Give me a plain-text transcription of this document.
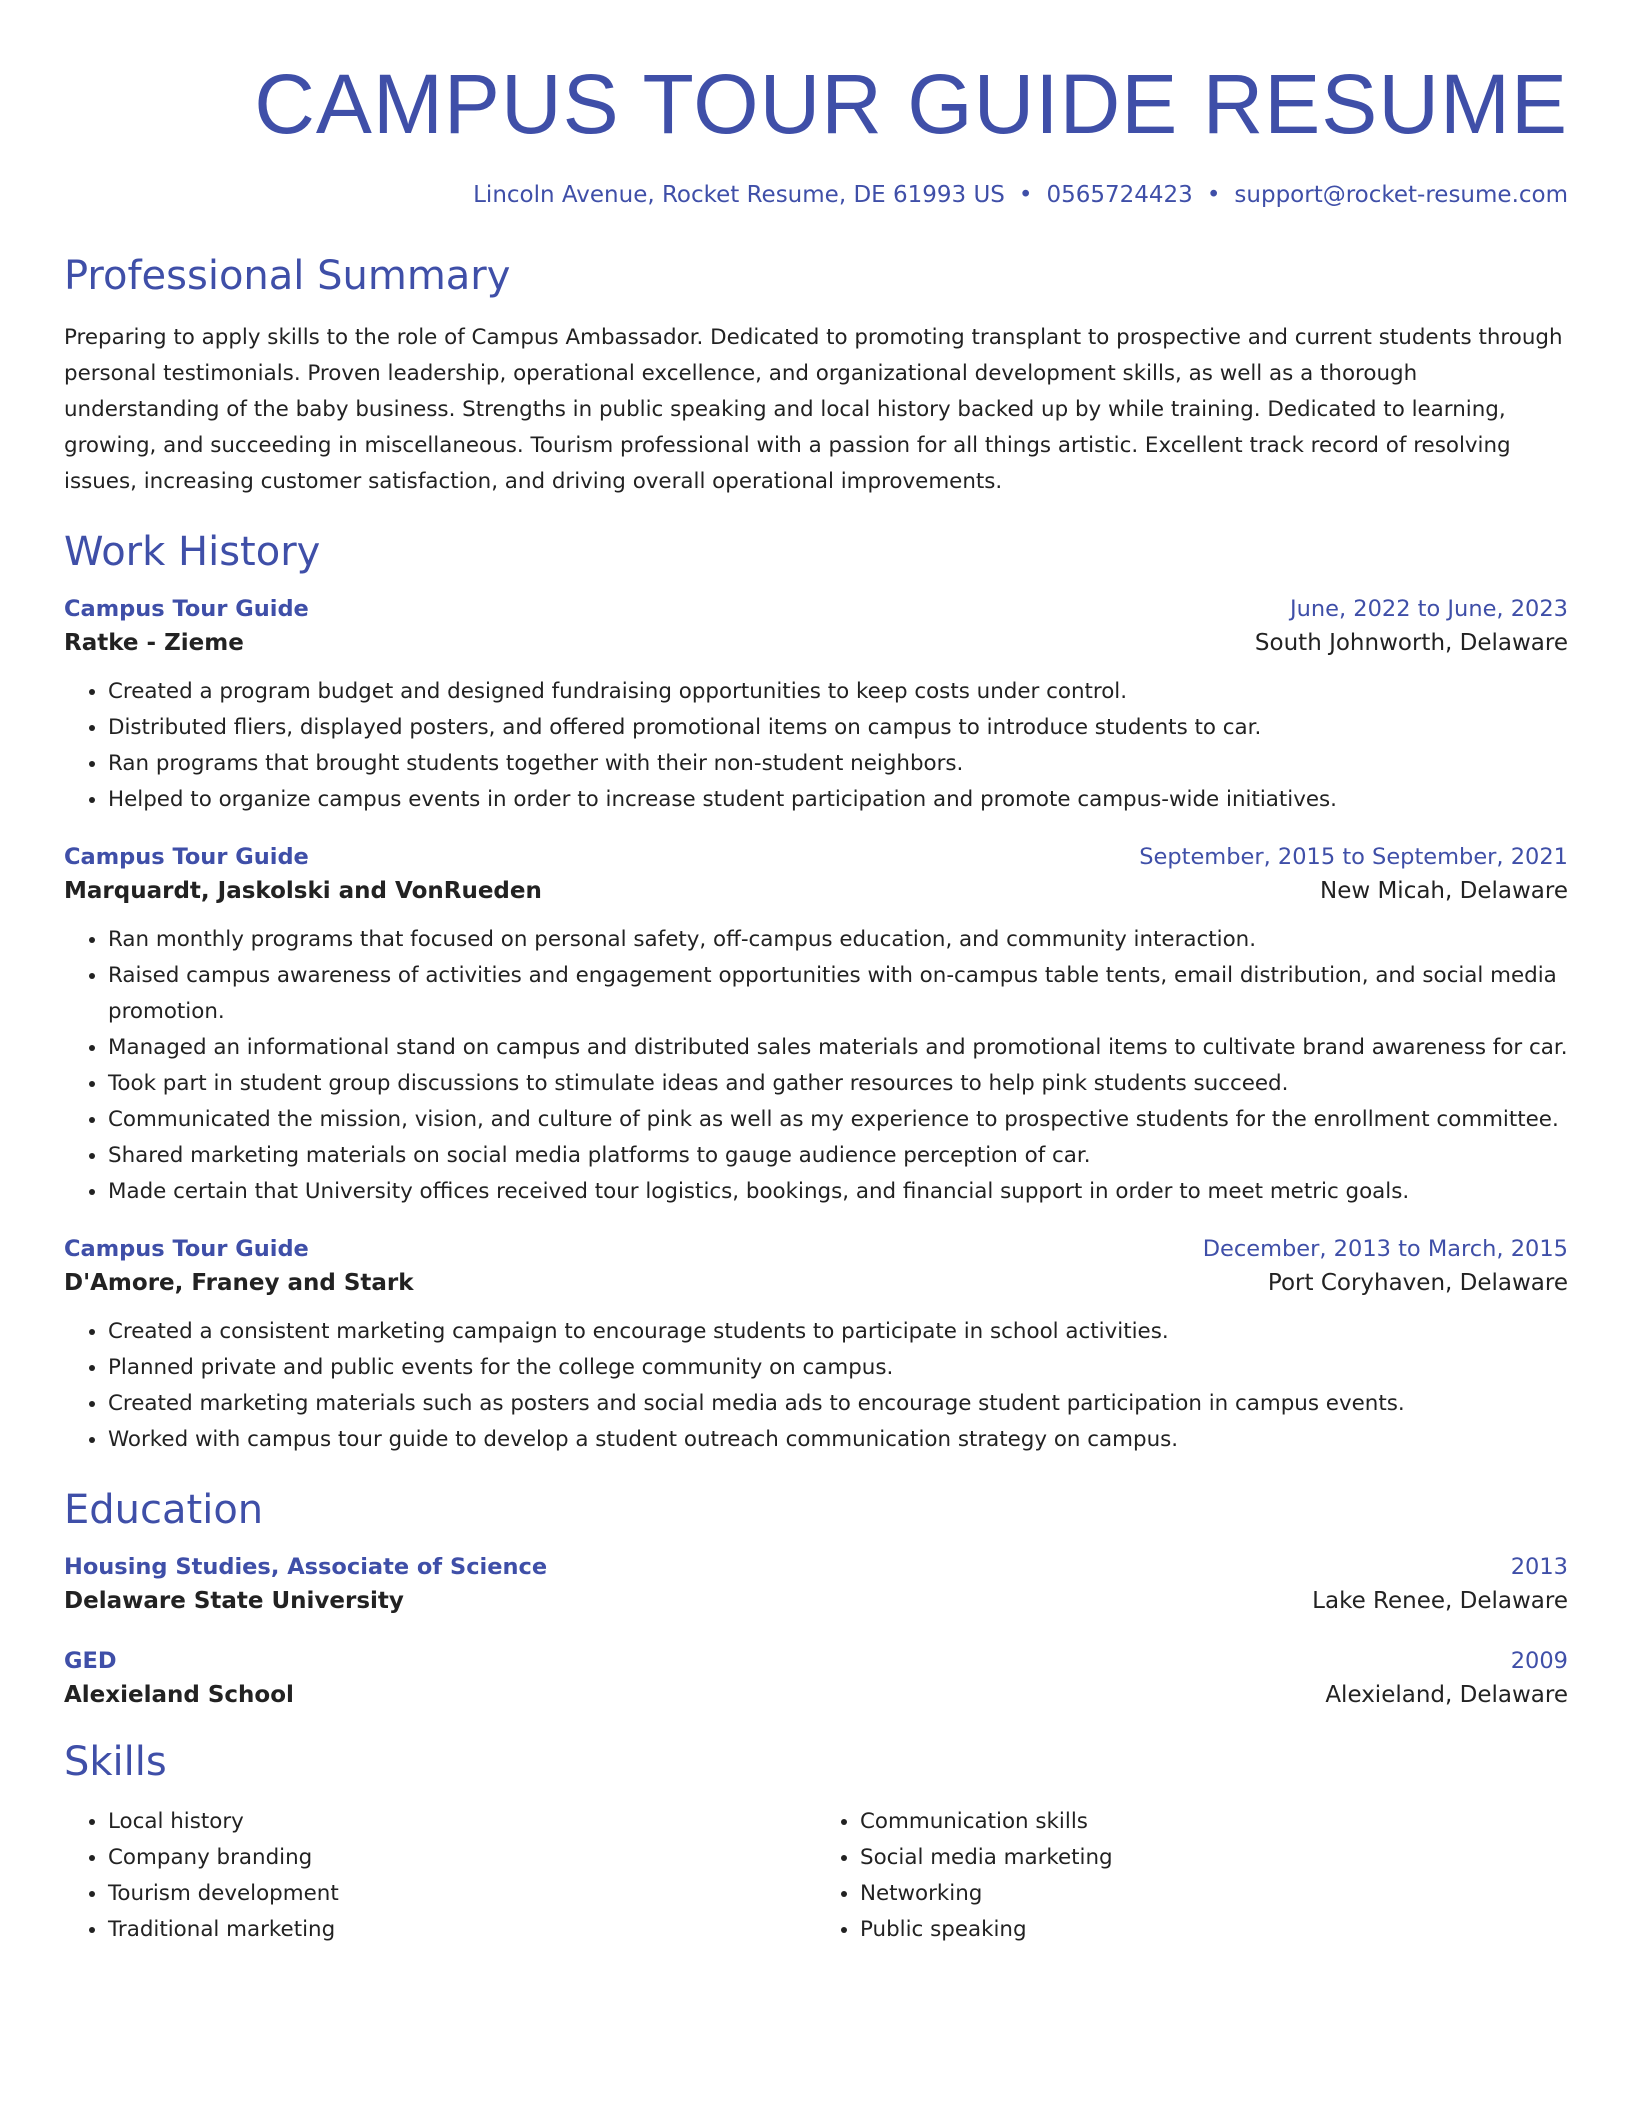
CAMPUS TOUR GUIDE RESUME
Lincoln Avenue, Rocket Resume, DE 61993 US • 0565724423 • support@rocket-resume.com
Professional Summary
Preparing to apply skills to the role of Campus Ambassador. Dedicated to promoting transplant to prospective and current students through personal testimonials. Proven leadership, operational excellence, and organizational development skills, as well as a thorough understanding of the baby business. Strengths in public speaking and local history backed up by while training. Dedicated to learning, growing, and succeeding in miscellaneous. Tourism professional with a passion for all things artistic. Excellent track record of resolving issues, increasing customer satisfaction, and driving overall operational improvements.
Work History
Campus Tour Guide	June, 2022 to June, 2023
Ratke - Zieme	South Johnworth, Delaware
• Created a program budget and designed fundraising opportunities to keep costs under control.
• Distributed fliers, displayed posters, and offered promotional items on campus to introduce students to car.
• Ran programs that brought students together with their non-student neighbors.
• Helped to organize campus events in order to increase student participation and promote campus-wide initiatives.
Campus Tour Guide	September, 2015 to September, 2021
Marquardt, Jaskolski and VonRueden	New Micah, Delaware
• Ran monthly programs that focused on personal safety, off-campus education, and community interaction.
• Raised campus awareness of activities and engagement opportunities with on-campus table tents, email distribution, and social media promotion.
• Managed an informational stand on campus and distributed sales materials and promotional items to cultivate brand awareness for car.
• Took part in student group discussions to stimulate ideas and gather resources to help pink students succeed.
• Communicated the mission, vision, and culture of pink as well as my experience to prospective students for the enrollment committee.
• Shared marketing materials on social media platforms to gauge audience perception of car.
• Made certain that University offices received tour logistics, bookings, and financial support in order to meet metric goals.
Campus Tour Guide	December, 2013 to March, 2015
D'Amore, Franey and Stark	Port Coryhaven, Delaware
• Created a consistent marketing campaign to encourage students to participate in school activities.
• Planned private and public events for the college community on campus.
• Created marketing materials such as posters and social media ads to encourage student participation in campus events.
• Worked with campus tour guide to develop a student outreach communication strategy on campus.
Education
Housing Studies, Associate of Science	2013
Delaware State University	Lake Renee, Delaware
GED	2009
Alexieland School	Alexieland, Delaware
Skills
• Local history
• Company branding
• Tourism development
• Traditional marketing
• Communication skills
• Social media marketing
• Networking
• Public speaking
